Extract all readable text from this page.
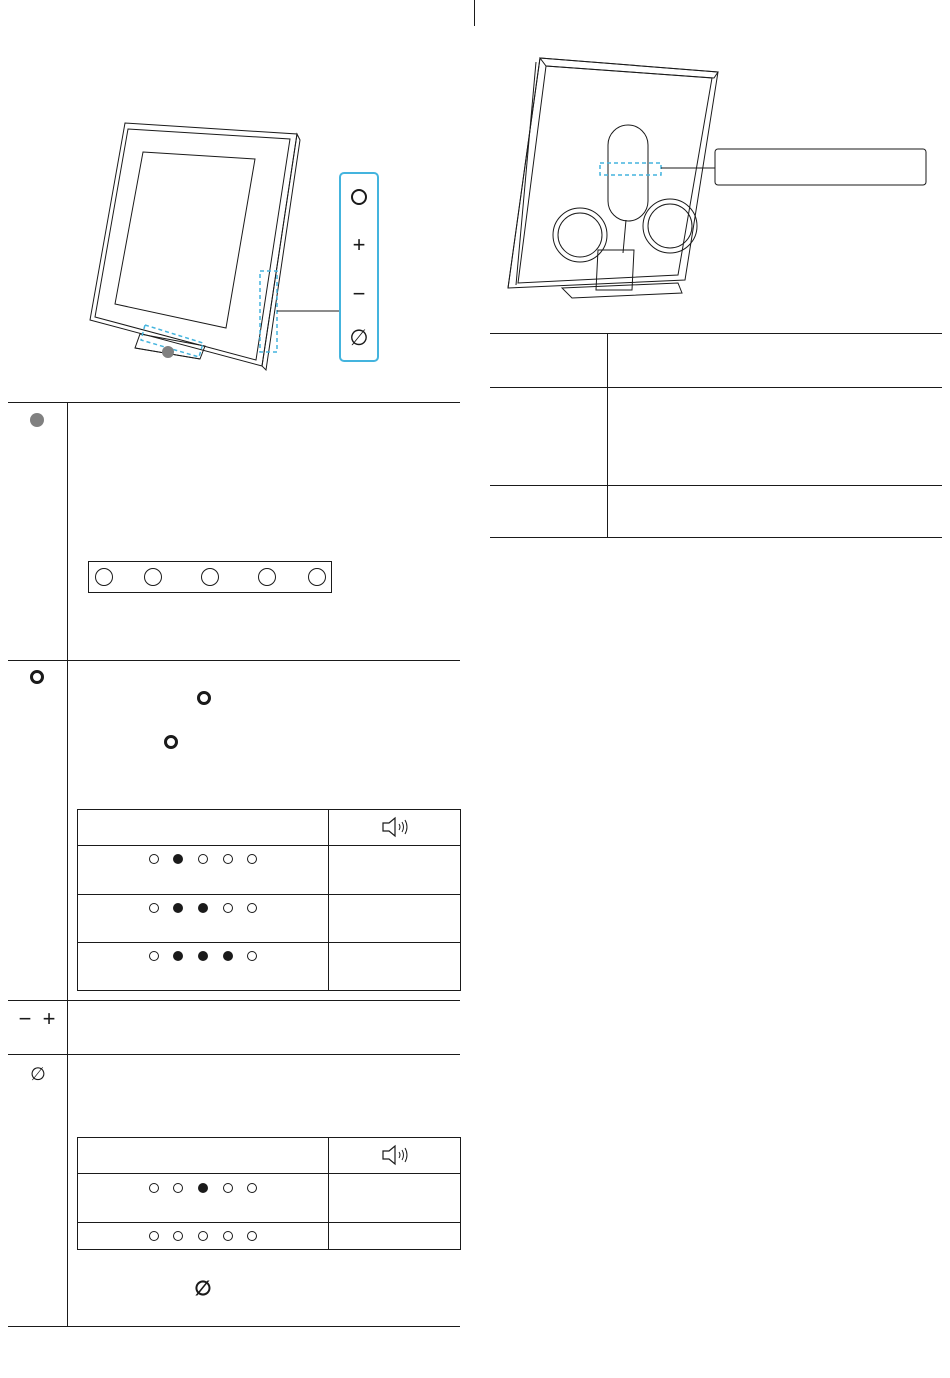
+
−
∅
− +
∅
∅
